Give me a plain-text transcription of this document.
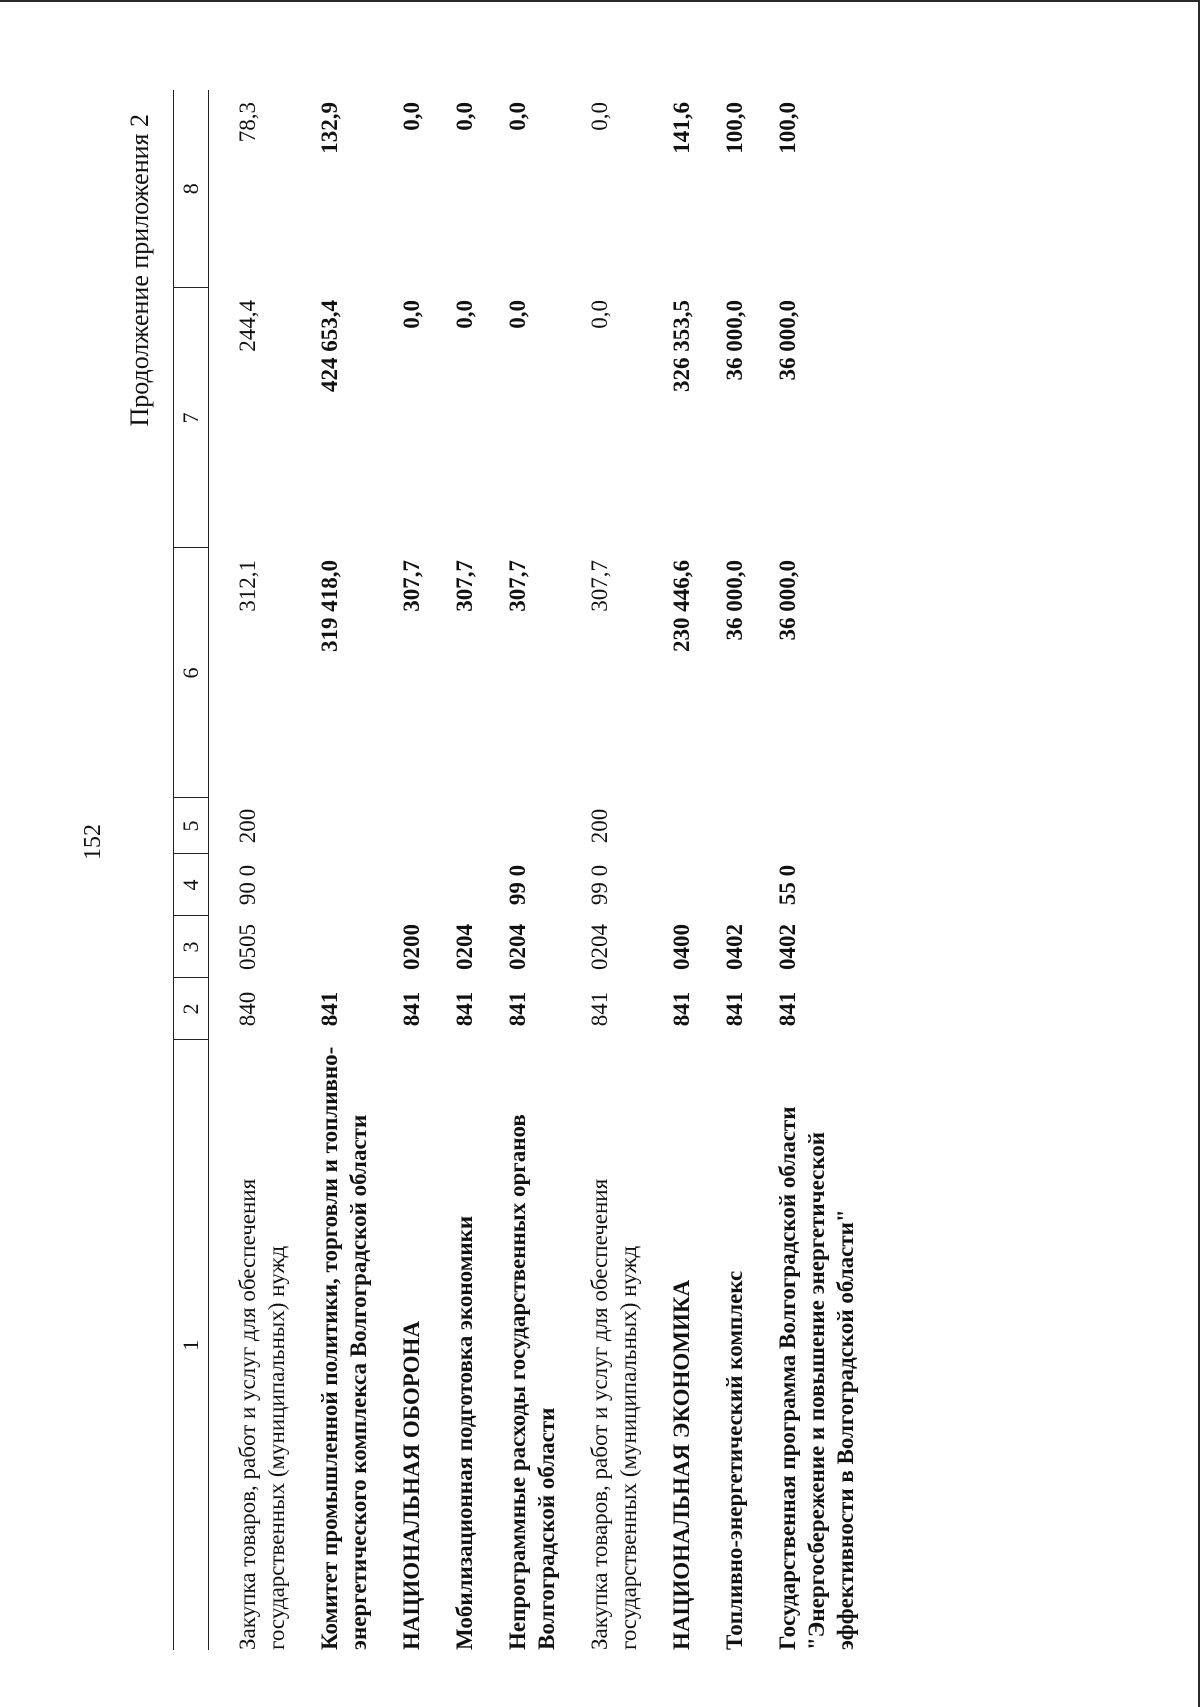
152
Продолжение приложения 2
1	2	3	4	5	6	7	8
Закупка товаров, работ и услуг для обеспечения государственных (муниципальных) нужд	840	0505	90 0	200	312,1	244,4	78,3
Комитет промышленной политики, торговли и топливно-энергетического комплекса Волгоградской области	841				319 418,0	424 653,4	132,9
НАЦИОНАЛЬНАЯ ОБОРОНА	841	0200			307,7	0,0	0,0
Мобилизационная подготовка экономики	841	0204			307,7	0,0	0,0
Непрограммные расходы государственных органов Волгоградской области	841	0204	99 0		307,7	0,0	0,0
Закупка товаров, работ и услуг для обеспечения государственных (муниципальных) нужд	841	0204	99 0	200	307,7	0,0	0,0
НАЦИОНАЛЬНАЯ ЭКОНОМИКА	841	0400			230 446,6	326 353,5	141,6
Топливно-энергетический комплекс	841	0402			36 000,0	36 000,0	100,0
Государственная программа Волгоградской области "Энергосбережение и повышение энергетической эффективности в Волгоградской области"	841	0402	55 0		36 000,0	36 000,0	100,0
